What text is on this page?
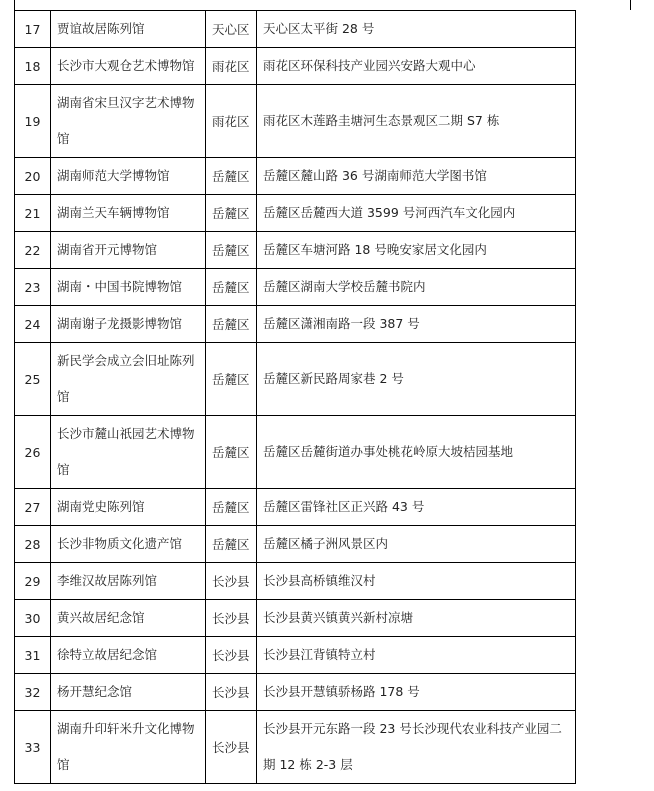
17	贾谊故居陈列馆	天心区	天心区太平街 28 号
18	长沙市大观仓艺术博物馆	雨花区	雨花区环保科技产业园兴安路大观中心
19	湖南省宋旦汉字艺术博物馆	雨花区	雨花区木莲路圭塘河生态景观区二期 S7 栋
20	湖南师范大学博物馆	岳麓区	岳麓区麓山路 36 号湖南师范大学图书馆
21	湖南兰天车辆博物馆	岳麓区	岳麓区岳麓西大道 3599 号河西汽车文化园内
22	湖南省开元博物馆	岳麓区	岳麓区车塘河路 18 号晚安家居文化园内
23	湖南・中国书院博物馆	岳麓区	岳麓区湖南大学校岳麓书院内
24	湖南谢子龙摄影博物馆	岳麓区	岳麓区潇湘南路一段 387 号
25	新民学会成立会旧址陈列馆	岳麓区	岳麓区新民路周家巷 2 号
26	长沙市麓山祇园艺术博物馆	岳麓区	岳麓区岳麓街道办事处桃花岭原大坡桔园基地
27	湖南党史陈列馆	岳麓区	岳麓区雷锋社区正兴路 43 号
28	长沙非物质文化遗产馆	岳麓区	岳麓区橘子洲风景区内
29	李维汉故居陈列馆	长沙县	长沙县高桥镇维汉村
30	黄兴故居纪念馆	长沙县	长沙县黄兴镇黄兴新村凉塘
31	徐特立故居纪念馆	长沙县	长沙县江背镇特立村
32	杨开慧纪念馆	长沙县	长沙县开慧镇骄杨路 178 号
33	湖南升印轩米升文化博物馆	长沙县	长沙县开元东路一段 23 号长沙现代农业科技产业园二期 12 栋 2-3 层
